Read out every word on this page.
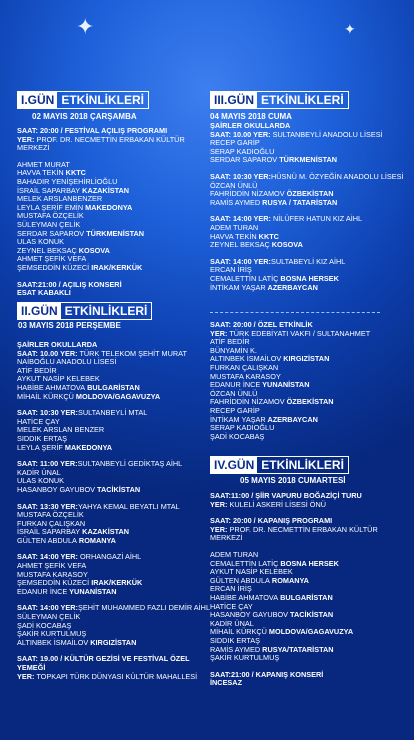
✦	✦
I.GÜN ETKİNLİKLERİ
02 MAYIS 2018 ÇARŞAMBA
SAAT: 20:00 / FESTİVAL AÇILIŞ PROGRAMI
YER: PROF. DR. NECMETTİN ERBAKAN KÜLTÜR
MERKEZİ
AHMET MURAT
HAVVA TEKİN KKTC
BAHADIR YENİŞEHİRLİOĞLU
İSRAİL SAPARBAY KAZAKİSTAN
MELEK ARSLANBENZER
LEYLA ŞERİF EMİN MAKEDONYA
MUSTAFA ÖZÇELİK
SÜLEYMAN ÇELİK
SERDAR SAPAROV TÜRKMENİSTAN
ULAS KONUK
ZEYNEL BEKSAÇ KOSOVA
AHMET ŞEFİK VEFA
ŞEMSEDDİN KÜZECİ IRAK/KERKÜK
SAAT:21:00 / AÇILIŞ KONSERİ
ESAT KABAKLI
II.GÜN ETKİNLİKLERİ
03 MAYIS 2018 PERŞEMBE
ŞAİRLER OKULLARDA
SAAT: 10.00 YER: TÜRK TELEKOM ŞEHİT MURAT
NAİBOĞLU ANADOLU LİSESİ
ATİF BEDİR
AYKUT NASİP KELEBEK
HABİBE AHMATOVA BULGARİSTAN
MİHAİL KÜRKÇÜ MOLDOVA/GAGAVUZYA
SAAT: 10:30 YER:SULTANBEYLİ MTAL
HATİCE ÇAY
MELEK ARSLAN BENZER
SIDDIK ERTAŞ
LEYLA ŞERİF MAKEDONYA
SAAT: 11:00 YER:SULTANBEYLİ GEDİKTAŞ AİHL
KADİR ÜNAL
ULAS KONUK
HASANBOY GAYUBOV TACİKİSTAN
SAAT: 13:30 YER:YAHYA KEMAL BEYATLI MTAL
MUSTAFA ÖZÇELİK
FURKAN ÇALIŞKAN
İSRAİL SAPARBAY KAZAKİSTAN
GÜLTEN ABDULA ROMANYA
SAAT: 14:00 YER: ORHANGAZİ AİHL
AHMET ŞEFİK VEFA
MUSTAFA KARASOY
ŞEMSEDDİN KÜZECİ IRAK/KERKÜK
EDANUR İNCE YUNANİSTAN
SAAT: 14:00 YER:ŞEHİT MUHAMMED FAZLI DEMİR AİHL
SÜLEYMAN ÇELİK
ŞADİ KOCABAŞ
ŞAKİR KURTULMUŞ
ALTINBEK İSMAİLOV KIRGIZİSTAN
SAAT: 19.00 / KÜLTÜR GEZİSİ VE FESTİVAL ÖZEL
YEMEĞİ
YER: TOPKAPI TÜRK DÜNYASI KÜLTÜR MAHALLESİ
III.GÜN ETKİNLİKLERİ
04 MAYIS 2018 CUMA
ŞAİRLER OKULLARDA
SAAT: 10.00 YER: SULTANBEYLİ ANADOLU LİSESİ
RECEP GARİP
SERAP KADIOĞLU
SERDAR SAPAROV TÜRKMENİSTAN
SAAT: 10:30 YER:HÜSNÜ M. ÖZYEĞİN ANADOLU LİSESİ
ÖZCAN ÜNLÜ
FAHRİDDİN NİZAMOV ÖZBEKİSTAN
RAMİS AYMED RUSYA / TATARİSTAN
SAAT: 14:00 YER: NİLÜFER HATUN KIZ AİHL
ADEM TURAN
HAVVA TEKİN KKTC
ZEYNEL BEKSAÇ KOSOVA
SAAT: 14:00 YER:SULTABEYLİ KIZ AİHL
ERCAN İRİŞ
CEMALETTİN LATİÇ BOSNA HERSEK
İNTİKAM YAŞAR AZERBAYCAN
SAAT: 20:00 / ÖZEL ETKİNLİK
YER: TÜRK EDEBİYATI VAKFI / SULTANAHMET
ATİF BEDİR
BÜNYAMİN K.
ALTINBEK İSMAİLOV KIRGIZİSTAN
FURKAN ÇALIŞKAN
MUSTAFA KARASOY
EDANUR İNCE YUNANİSTAN
ÖZCAN ÜNLÜ
FAHRİDDİN NİZAMOV ÖZBEKİSTAN
RECEP GARİP
İNTİKAM YAŞAR AZERBAYCAN
SERAP KADIOĞLU
ŞADİ KOCABAŞ
IV.GÜN ETKİNLİKLERİ
05 MAYIS 2018 CUMARTESİ
SAAT:11:00 / ŞİİR VAPURU BOĞAZİÇİ TURU
YER: KULELİ ASKERİ LİSESİ ÖNÜ
SAAT: 20:00 / KAPANIŞ PROGRAMI
YER: PROF. DR. NECMETTİN ERBAKAN KÜLTÜR
MERKEZİ
ADEM TURAN
CEMALETTİN LATİÇ BOSNA HERSEK
AYKUT NASİP KELEBEK
GÜLTEN ABDULA ROMANYA
ERCAN İRİŞ
HABİBE AHMATOVA BULGARİSTAN
HATİCE ÇAY
HASANBOY GAYUBOV TACİKİSTAN
KADİR ÜNAL
MİHAİL KÜRKÇÜ MOLDOVA/GAGAVUZYA
SIDDIK ERTAŞ
RAMİS AYMED RUSYA/TATARİSTAN
ŞAKİR KURTULMUŞ
SAAT:21:00 / KAPANIŞ KONSERİ
İNCESAZ
